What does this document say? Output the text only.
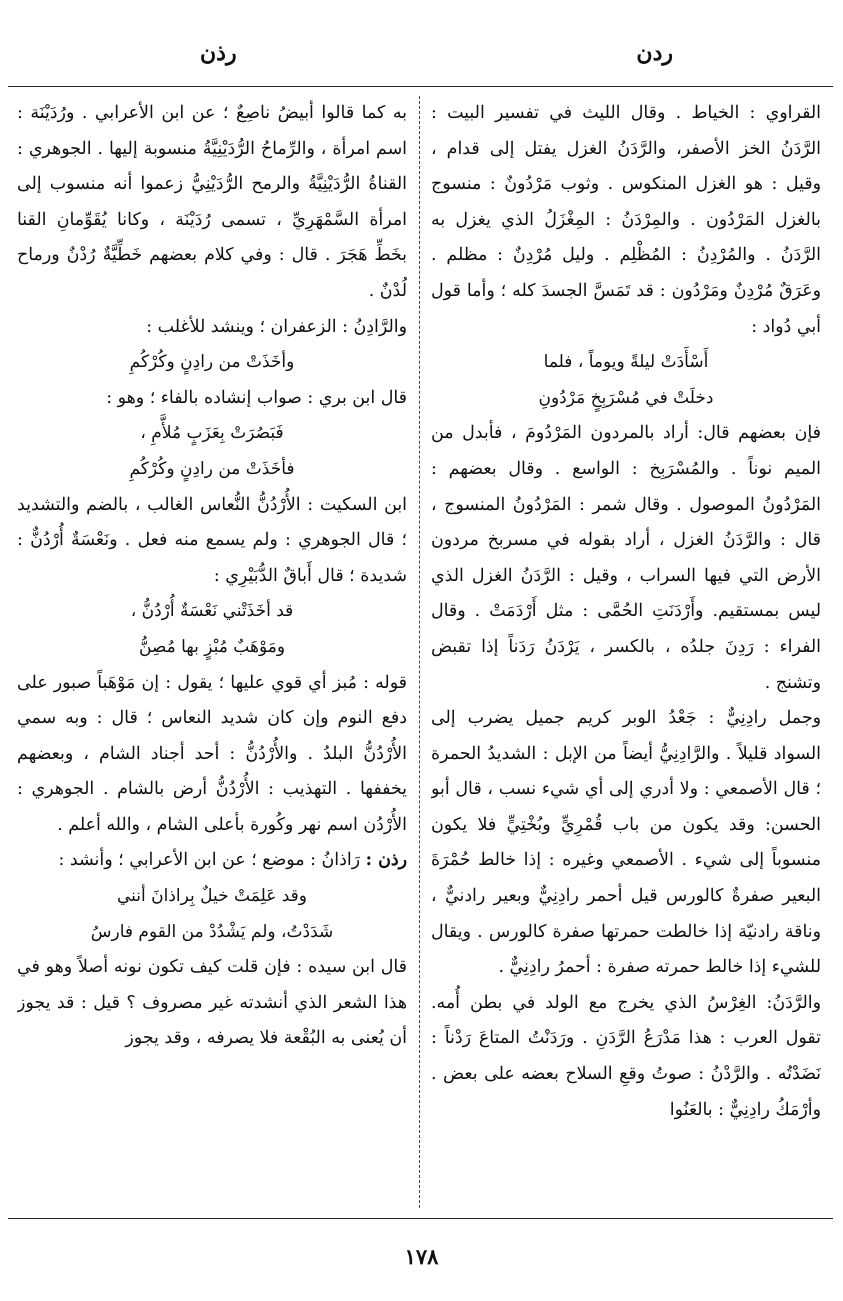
ردن
رذن

القراوي : الخياط . وقال الليث في تفسير البيت : الرَّدَنُ الخز الأصفر، والرَّدَنُ الغزل يفتل إلى قدام ، وقيل : هو الغزل المنكوس . وثوب مَرْدُونٌ : منسوج بالغزل المَرْدُون . والمِرْدَنُ : المِغْزَلُ الذي يغزل به الرَّدَنُ . والمُرْدِنُ : المُظْلِم . وليل مُرْدِنٌ : مظلم . وعَرَقٌ مُرْدِنٌ ومَرْدُون : قد تَمَسَّ الجسدَ كله ؛ وأما قول أبي دُواد :

أَسْأَدَتْ ليلةً ويوماً ، فلما

دخلَتْ في مُسْرَبِخٍ مَرْدُونِ

فإن بعضهم قال: أراد بالمردون المَرْدُومَ ، فأبدل من الميم نوناً . والمُسْرَبِخ : الواسع . وقال بعضهم : المَرْدُونُ الموصول . وقال شمر : المَرْدُونُ المنسوج ، قال : والرَّدَنُ الغزل ، أراد بقوله في مسربخ مردون الأرض التي فيها السراب ، وقيل : الرَّدَنُ الغزل الذي ليس بمستقيم. وأَرْدَنَتِ الحُمَّى : مثل أَرْدَمَتْ . وقال الفراء : رَدِنَ جلدُه ، بالكسر ، يَرْدَنُ رَدَناً إذا تقبض وتشنج .

وجمل رادِنِيٌّ : جَعْدُ الوبر كريم جميل يضرب إلى السواد قليلاً . والرَّادِنِيُّ أيضاً من الإبل : الشديدُ الحمرة ؛ قال الأصمعي : ولا أدري إلى أي شيء نسب ، قال أبو الحسن: وقد يكون من باب قُمْرِيٍّ وبُخْتِيٍّ فلا يكون منسوباً إلى شيء . الأصمعي وغيره : إذا خالط حُمْرَةَ البعير صفرةٌ كالورس قيل أحمر رادِنِيٌّ وبعير رادنيٌّ ، وناقة رادنيّة إذا خالطت حمرتها صفرة كالورس . ويقال للشيء إذا خالط حمرته صفرة : أحمرُ رادِنِيٌّ .

والرَّدَنُ: الغِرْسُ الذي يخرج مع الولد في بطن أُمه. تقول العرب : هذا مَدْرَعُ الرَّدَنِ . ورَدَنْتُ المتاعَ رَدْناً : نَضَدْتُه . والرَّدْنُ : صوتُ وقعِ السلاح بعضه على بعض . وأرْمَكُ رادِنِيٌّ : بالعَنُوا

به كما قالوا أبيضُ ناصِعٌ ؛ عن ابن الأعرابي . ورُدَيْنَة : اسم امرأة ، والرِّماحُ الرُّدَيْنِيَّةُ منسوبة إليها . الجوهري : القناةُ الرُّدَيْنِيَّةُ والرمح الرُّدَيْنِيُّ زعموا أنه منسوب إلى امرأة السَّمْهَرِيِّ ، تسمى رُدَيْنَة ، وكانا يُقَوِّمانِ القنا بخَطِّ هَجَرَ . قال : وفي كلام بعضهم خَطِّيَّةٌ رُدْنٌ ورماح لُدْنٌ .

والرَّادِنُ : الزعفران ؛ وينشد للأغلب :

وأخَذَتْ من رادِنٍ وكُرْكُمِ

قال ابن بري : صواب إنشاده بالفاء ؛ وهو :

فَبَصُرَتْ بِعَزَبٍ مُلأَّمِ ،

فأخَذَتْ من رادِنٍ وكُرْكُمِ

ابن السكيت : الأُرْدُنُّ النُّعاس الغالب ، بالضم والتشديد ؛ قال الجوهري : ولم يسمع منه فعل . ونَعْسَةٌ أُرْدُنٌّ : شديدة ؛ قال أَباقٌ الدُّبَيْرِي :

قد أخَذَتْني نَعْسَةٌ أُرْدُنُّ ،

ومَوْهَبٌ مُبْزٍ بها مُصِنُّ

قوله : مُبز أي قوي عليها ؛ يقول : إن مَوْهَباً صبور على دفع النوم وإن كان شديد النعاس ؛ قال : وبه سمي الأُرْدُنُّ البلدُ . والأُرْدُنُّ : أحد أجناد الشام ، وبعضهم يخففها . التهذيب : الأُرْدُنُّ أرض بالشام . الجوهري : الأُرْدُن اسم نهر وكُورة بأعلى الشام ، والله أعلم .

رذن : رَاذانُ : موضع ؛ عن ابن الأعرابي ؛ وأنشد :

وقد عَلِمَتْ خيلٌ بِراذانَ أنني

شَدَدْتُ، ولم يَشْدُدْ من القوم فارسُ

قال ابن سيده : فإن قلت كيف تكون نونه أصلاً وهو في هذا الشعر الذي أنشدته غير مصروف ؟ قيل : قد يجوز أن يُعنى به البُقْعة فلا يصرفه ، وقد يجوز

١٧٨
